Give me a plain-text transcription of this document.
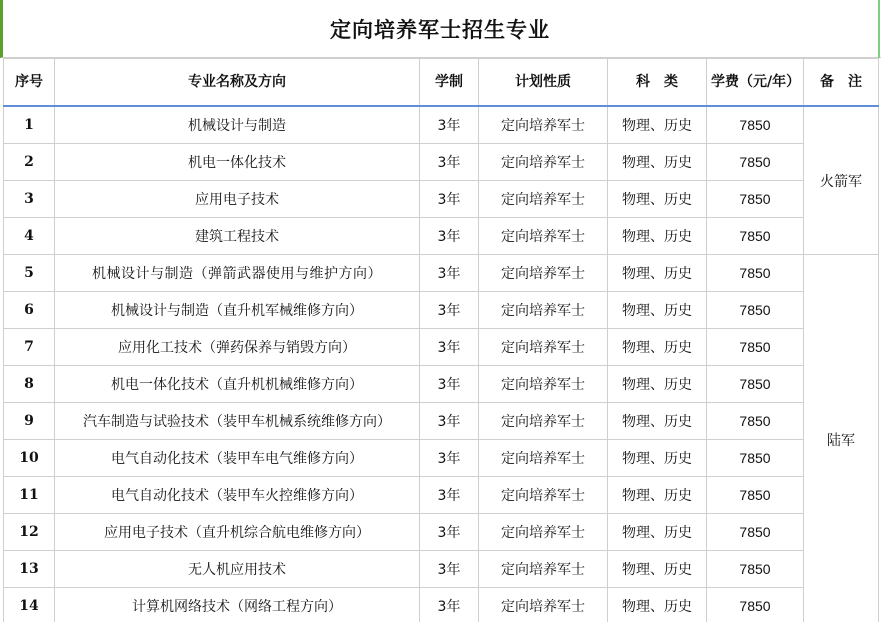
定向培养军士招生专业
序号	专业名称及方向	学制	计划性质	科　类	学费（元/年）	备　注
1	机械设计与制造	3年	定向培养军士	物理、历史	7850	火箭军
2	机电一体化技术	3年	定向培养军士	物理、历史	7850	
3	应用电子技术	3年	定向培养军士	物理、历史	7850	
4	建筑工程技术	3年	定向培养军士	物理、历史	7850	
5	机械设计与制造（弹箭武器使用与维护方向）	3年	定向培养军士	物理、历史	7850	陆军
6	机械设计与制造（直升机军械维修方向）	3年	定向培养军士	物理、历史	7850	
7	应用化工技术（弹药保养与销毁方向）	3年	定向培养军士	物理、历史	7850	
8	机电一体化技术（直升机机械维修方向）	3年	定向培养军士	物理、历史	7850	
9	汽车制造与试验技术（装甲车机械系统维修方向）	3年	定向培养军士	物理、历史	7850	
10	电气自动化技术（装甲车电气维修方向）	3年	定向培养军士	物理、历史	7850	
11	电气自动化技术（装甲车火控维修方向）	3年	定向培养军士	物理、历史	7850	
12	应用电子技术（直升机综合航电维修方向）	3年	定向培养军士	物理、历史	7850	
13	无人机应用技术	3年	定向培养军士	物理、历史	7850	
14	计算机网络技术（网络工程方向）	3年	定向培养军士	物理、历史	7850	
